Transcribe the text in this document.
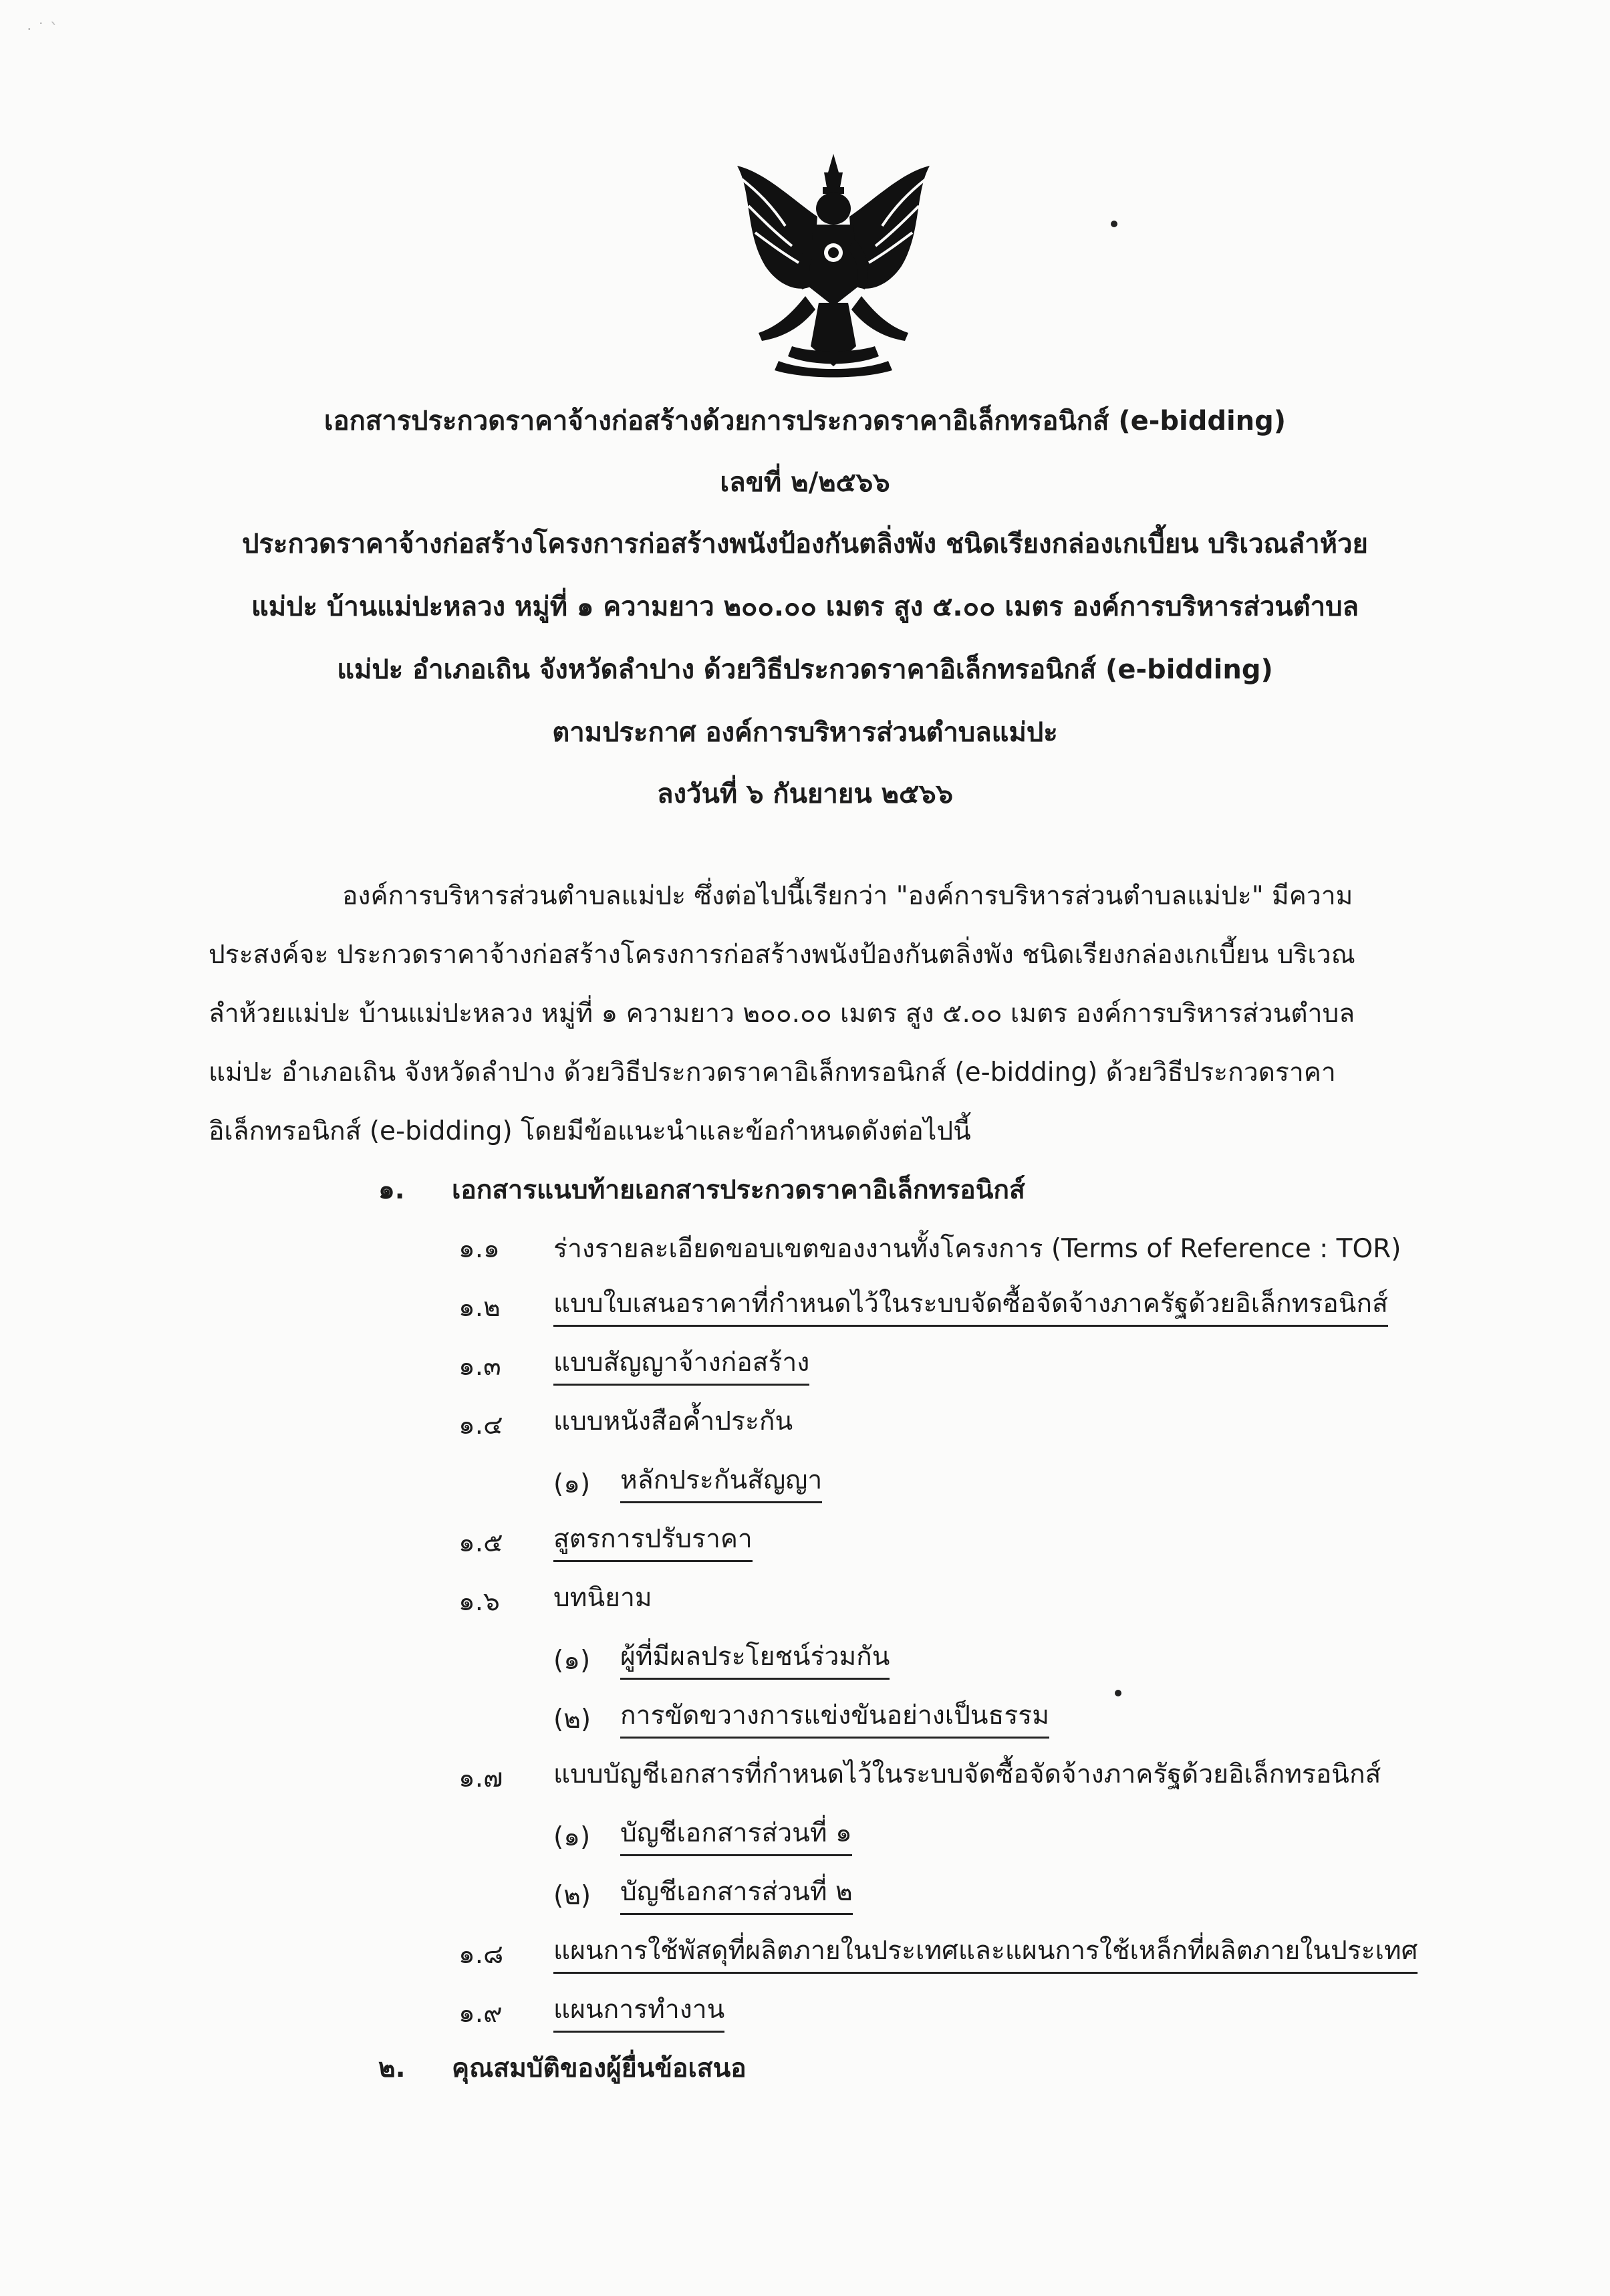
· ˙ ˋ
เอกสารประกวดราคาจ้างก่อสร้างด้วยการประกวดราคาอิเล็กทรอนิกส์ (e-bidding)
เลขที่ ๒/๒๕๖๖
ประกวดราคาจ้างก่อสร้างโครงการก่อสร้างพนังป้องกันตลิ่งพัง ชนิดเรียงกล่องเกเบี้ยน บริเวณลำห้วย
แม่ปะ บ้านแม่ปะหลวง หมู่ที่ ๑ ความยาว ๒๐๐.๐๐ เมตร สูง ๕.๐๐ เมตร องค์การบริหารส่วนตำบล
แม่ปะ อำเภอเถิน จังหวัดลำปาง ด้วยวิธีประกวดราคาอิเล็กทรอนิกส์ (e-bidding)
ตามประกาศ องค์การบริหารส่วนตำบลแม่ปะ
ลงวันที่ ๖ กันยายน ๒๕๖๖
องค์การบริหารส่วนตำบลแม่ปะ ซึ่งต่อไปนี้เรียกว่า "องค์การบริหารส่วนตำบลแม่ปะ" มีความ
ประสงค์จะ ประกวดราคาจ้างก่อสร้างโครงการก่อสร้างพนังป้องกันตลิ่งพัง ชนิดเรียงกล่องเกเบี้ยน บริเวณ
ลำห้วยแม่ปะ บ้านแม่ปะหลวง หมู่ที่ ๑ ความยาว ๒๐๐.๐๐ เมตร สูง ๕.๐๐ เมตร องค์การบริหารส่วนตำบล
แม่ปะ อำเภอเถิน จังหวัดลำปาง ด้วยวิธีประกวดราคาอิเล็กทรอนิกส์ (e-bidding) ด้วยวิธีประกวดราคา
อิเล็กทรอนิกส์ (e-bidding) โดยมีข้อแนะนำและข้อกำหนดดังต่อไปนี้
๑. เอกสารแนบท้ายเอกสารประกวดราคาอิเล็กทรอนิกส์
๑.๑ ร่างรายละเอียดขอบเขตของงานทั้งโครงการ (Terms of Reference : TOR)
๑.๒ แบบใบเสนอราคาที่กำหนดไว้ในระบบจัดซื้อจัดจ้างภาครัฐด้วยอิเล็กทรอนิกส์
๑.๓ แบบสัญญาจ้างก่อสร้าง
๑.๔ แบบหนังสือค้ำประกัน
(๑) หลักประกันสัญญา
๑.๕ สูตรการปรับราคา
๑.๖ บทนิยาม
(๑) ผู้ที่มีผลประโยชน์ร่วมกัน
(๒) การขัดขวางการแข่งขันอย่างเป็นธรรม
๑.๗ แบบบัญชีเอกสารที่กำหนดไว้ในระบบจัดซื้อจัดจ้างภาครัฐด้วยอิเล็กทรอนิกส์
(๑) บัญชีเอกสารส่วนที่ ๑
(๒) บัญชีเอกสารส่วนที่ ๒
๑.๘ แผนการใช้พัสดุที่ผลิตภายในประเทศและแผนการใช้เหล็กที่ผลิตภายในประเทศ
๑.๙ แผนการทำงาน
๒. คุณสมบัติของผู้ยื่นข้อเสนอ
